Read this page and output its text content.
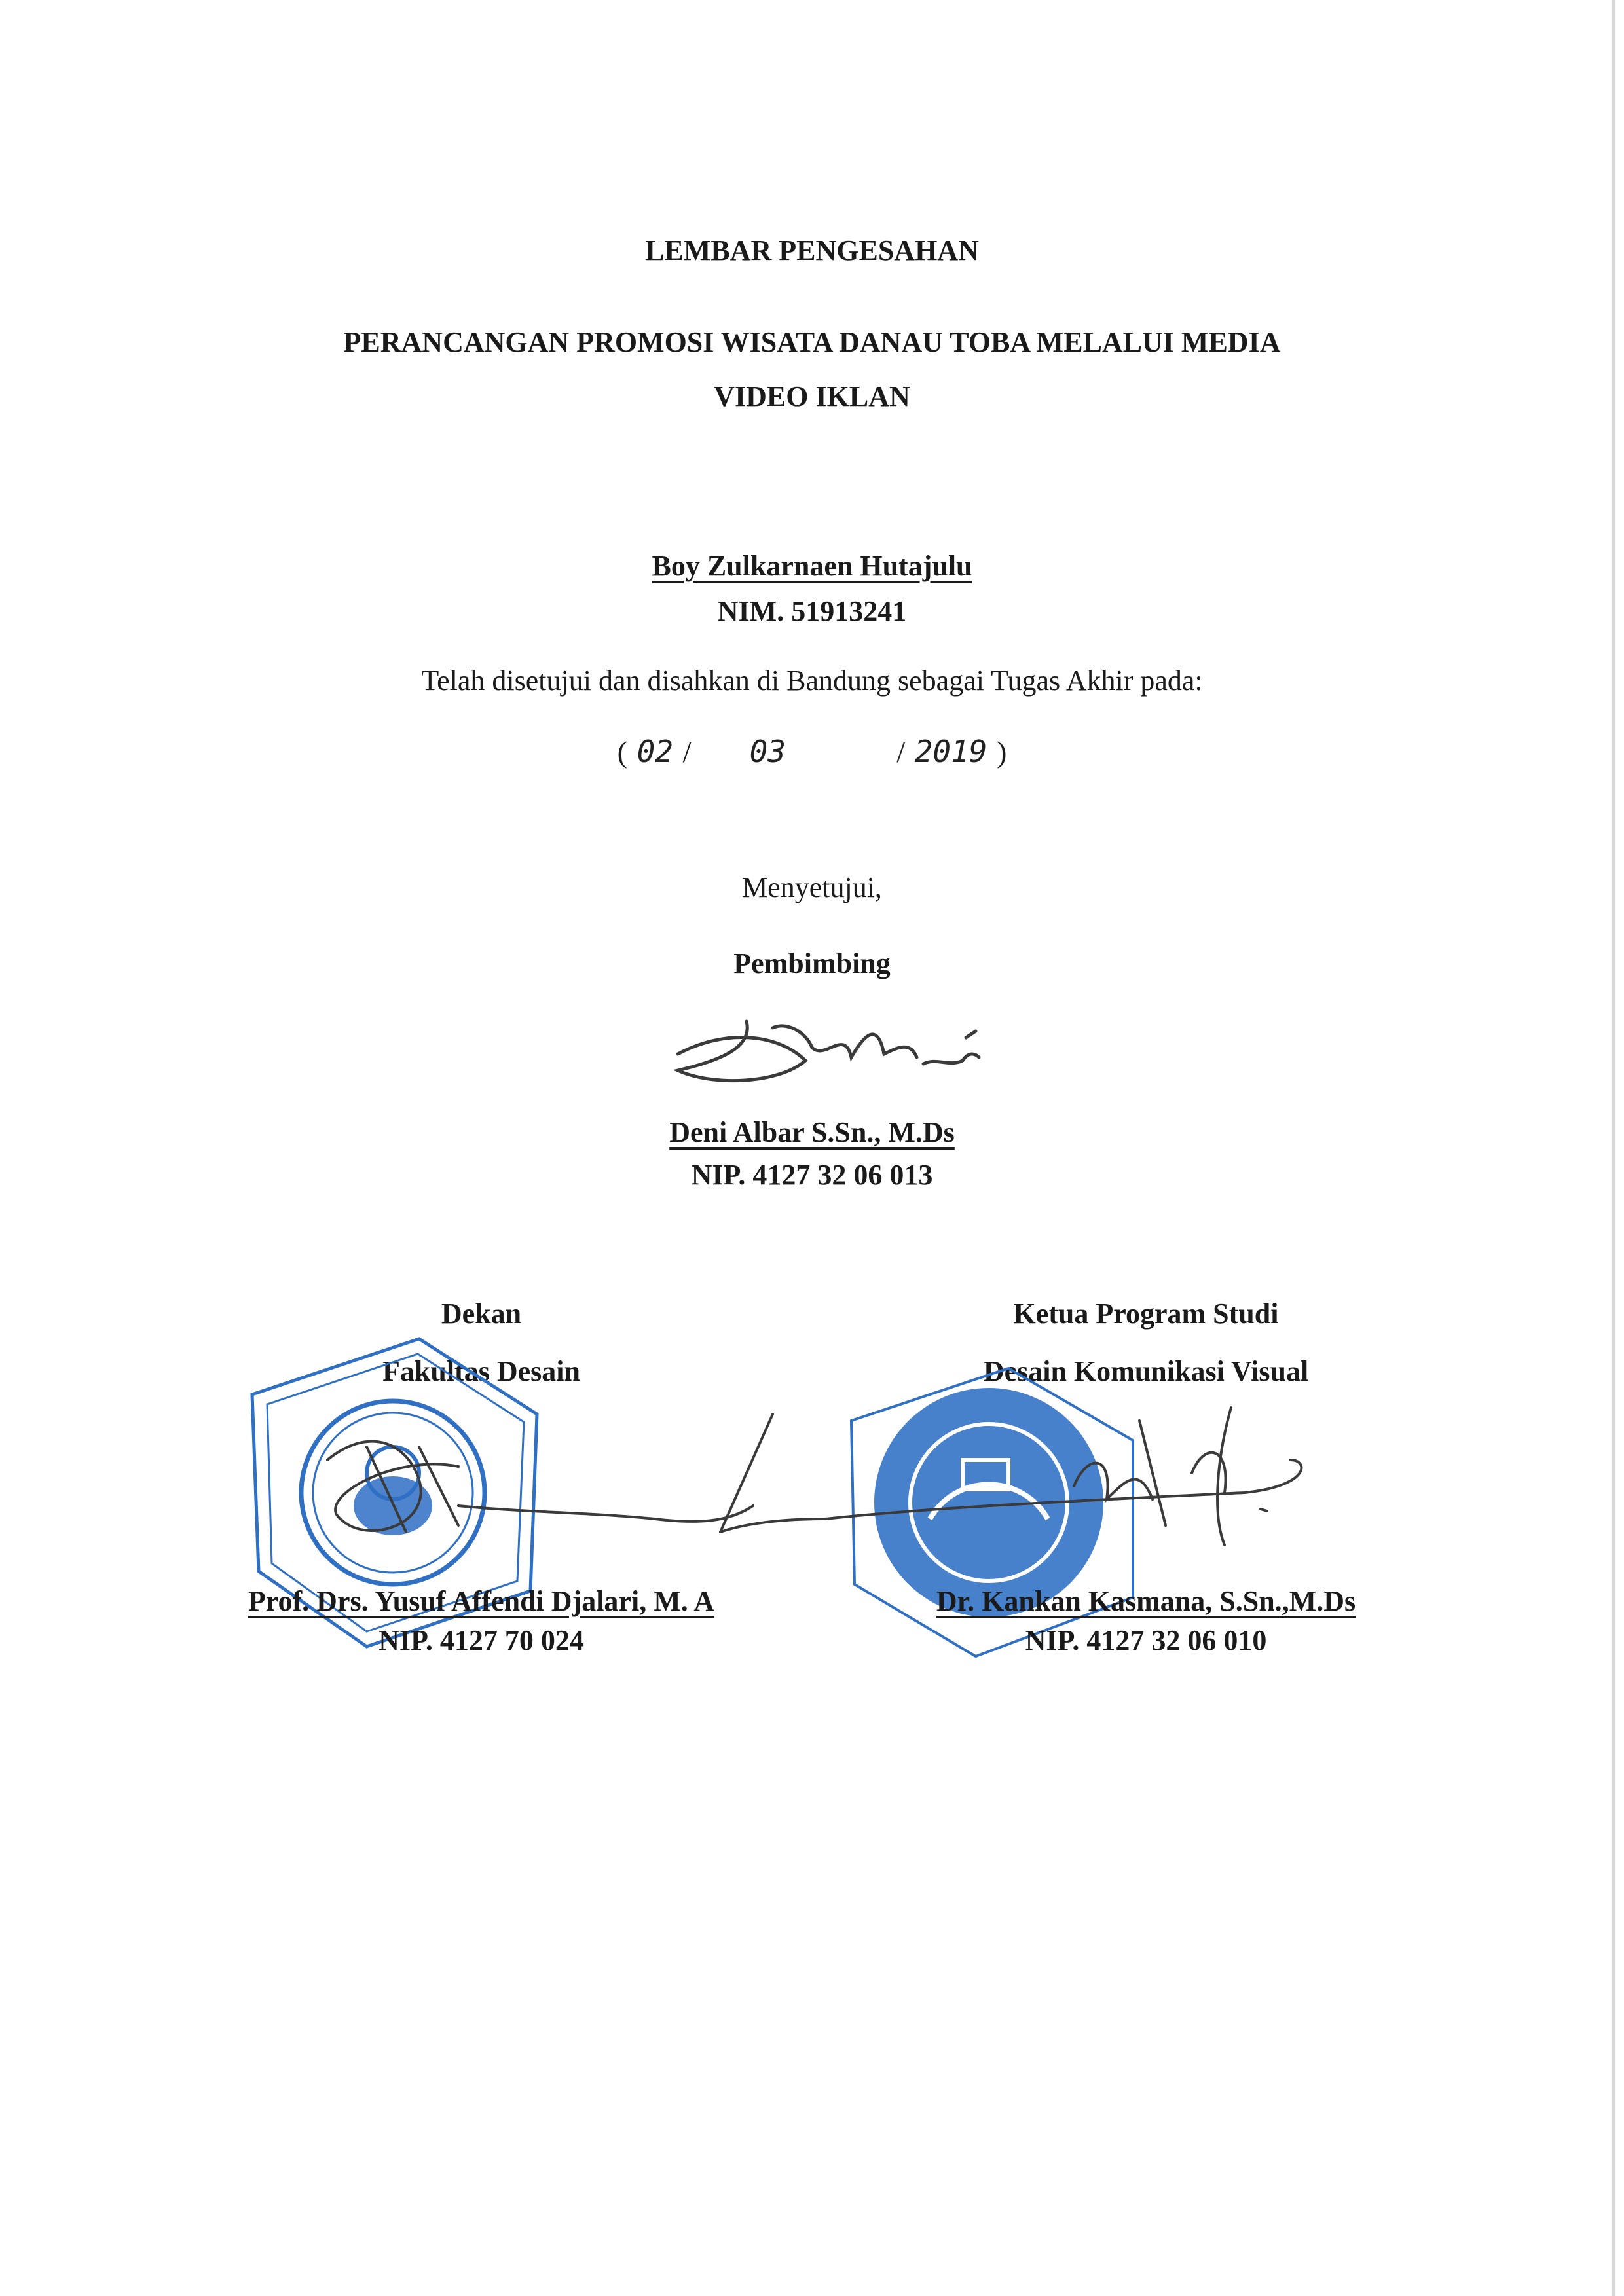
LEMBAR PENGESAHAN
PERANCANGAN PROMOSI WISATA DANAU TOBA MELALUI MEDIA
VIDEO IKLAN
Boy Zulkarnaen Hutajulu
NIM. 51913241
Telah disetujui dan disahkan di Bandung sebagai Tugas Akhir pada:
( 02 / 03	/ 2019 )
Menyetujui,
Pembimbing
Deni Albar S.Sn., M.Ds
NIP. 4127 32 06 013
Dekan
Fakultas Desain
Ketua Program Studi
Desain Komunikasi Visual
Prof. Drs. Yusuf Affendi Djalari, M. A
NIP. 4127 70 024
Dr. Kankan Kasmana, S.Sn.,M.Ds
NIP. 4127 32 06 010
